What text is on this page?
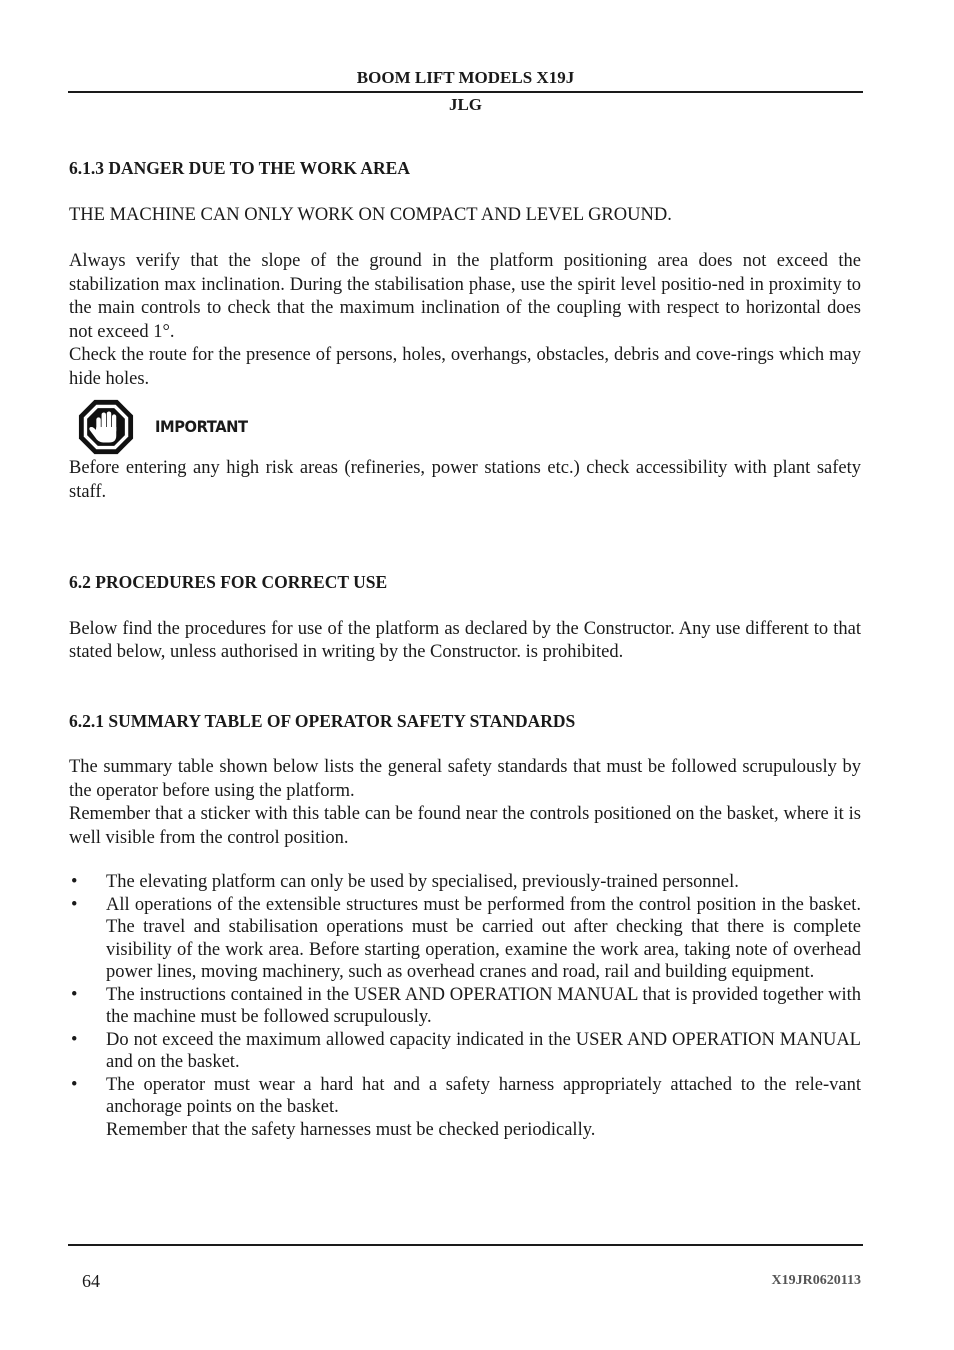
BOOM LIFT MODELS X19J
JLG

6.1.3 DANGER DUE TO THE WORK AREA

THE MACHINE CAN ONLY WORK ON COMPACT AND LEVEL GROUND.

Always verify that the slope of the ground in the platform positioning area does not exceed the stabilization max inclination. During the stabilisation phase, use the spirit level positio-ned in proximity to the main controls to check that the maximum inclination of the coupling with respect to horizontal does not exceed 1°.

Check the route for the presence of persons, holes, overhangs, obstacles, debris and cove-rings which may hide holes.

IMPORTANT

Before entering any high risk areas (refineries, power stations etc.) check accessibility with plant safety staff.

6.2 PROCEDURES FOR CORRECT USE

Below find the procedures for use of the platform as declared by the Constructor. Any use different to that stated below, unless authorised in writing by the Constructor. is prohibited.

6.2.1 SUMMARY TABLE OF OPERATOR SAFETY STANDARDS

The summary table shown below lists the general safety standards that must be followed scrupulously by the operator before using the platform.

Remember that a sticker with this table can be found near the controls positioned on the basket, where it is well visible from the control position.

• The elevating platform can only be used by specialised, previously-trained personnel.
• All operations of the extensible structures must be performed from the control position in the basket. The travel and stabilisation operations must be carried out after checking that there is complete visibility of the work area. Before starting operation, examine the work area, taking note of overhead power lines, moving machinery, such as overhead cranes and road, rail and building equipment.
• The instructions contained in the USER AND OPERATION MANUAL that is provided together with the machine must be followed scrupulously.
• Do not exceed the maximum allowed capacity indicated in the USER AND OPERATION MANUAL and on the basket.
• The operator must wear a hard hat and a safety harness appropriately attached to the rele-vant anchorage points on the basket.
Remember that the safety harnesses must be checked periodically.
64	X19JR0620113
